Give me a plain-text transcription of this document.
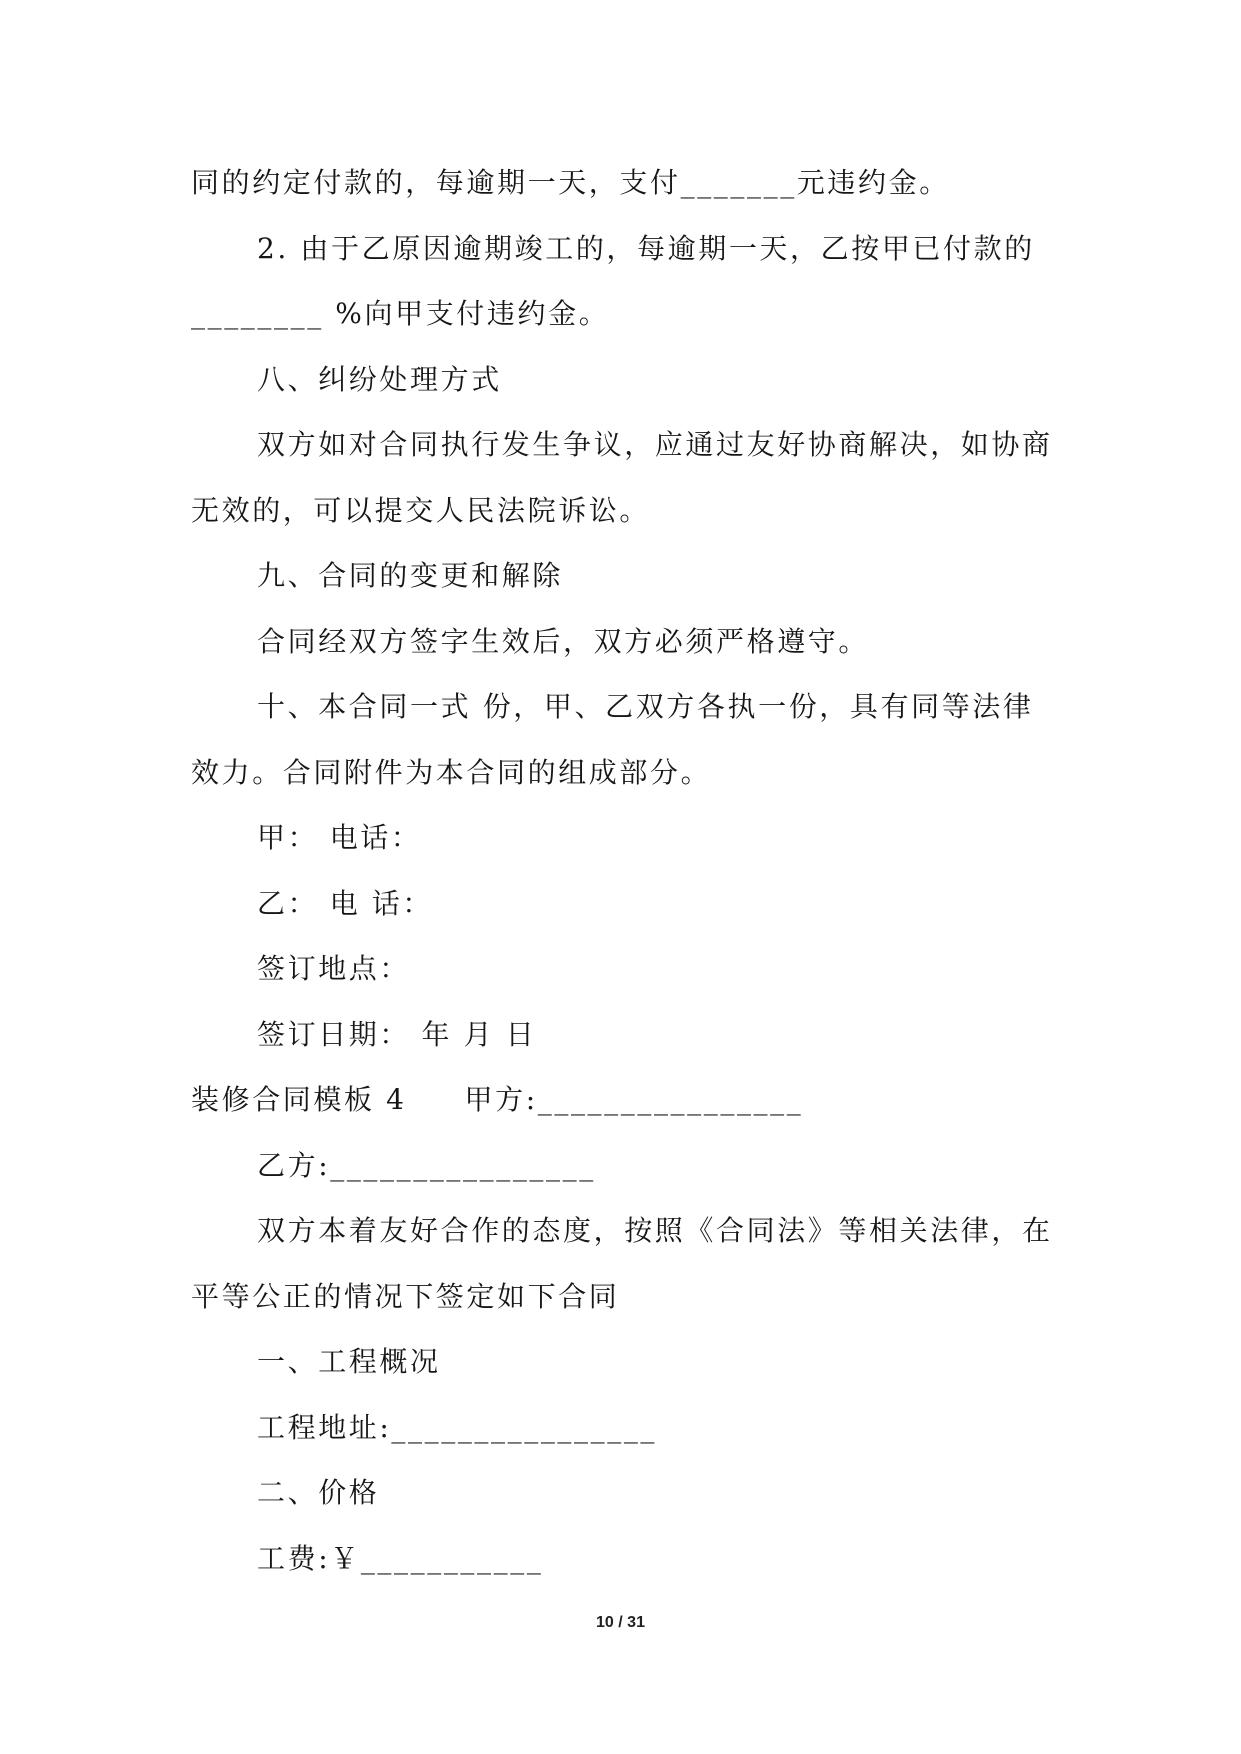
同的约定付款的，每逾期一天，支付_______元违约金。
2. 由于乙原因逾期竣工的，每逾期一天，乙按甲已付款的
________ %向甲支付违约金。
八、纠纷处理方式
双方如对合同执行发生争议，应通过友好协商解决，如协商
无效的，可以提交人民法院诉讼。
九、合同的变更和解除
合同经双方签字生效后，双方必须严格遵守。
十、本合同一式 份，甲、乙双方各执一份，具有同等法律
效力。合同附件为本合同的组成部分。
甲： 电话：
乙： 电 话：
签订地点：
签订日期： 年 月 日
装修合同模板 4 甲方:________________
乙方:________________
双方本着友好合作的态度，按照《合同法》等相关法律，在
平等公正的情况下签定如下合同
一、工程概况
工程地址:________________
二、价格
工费:￥___________
10 / 31
